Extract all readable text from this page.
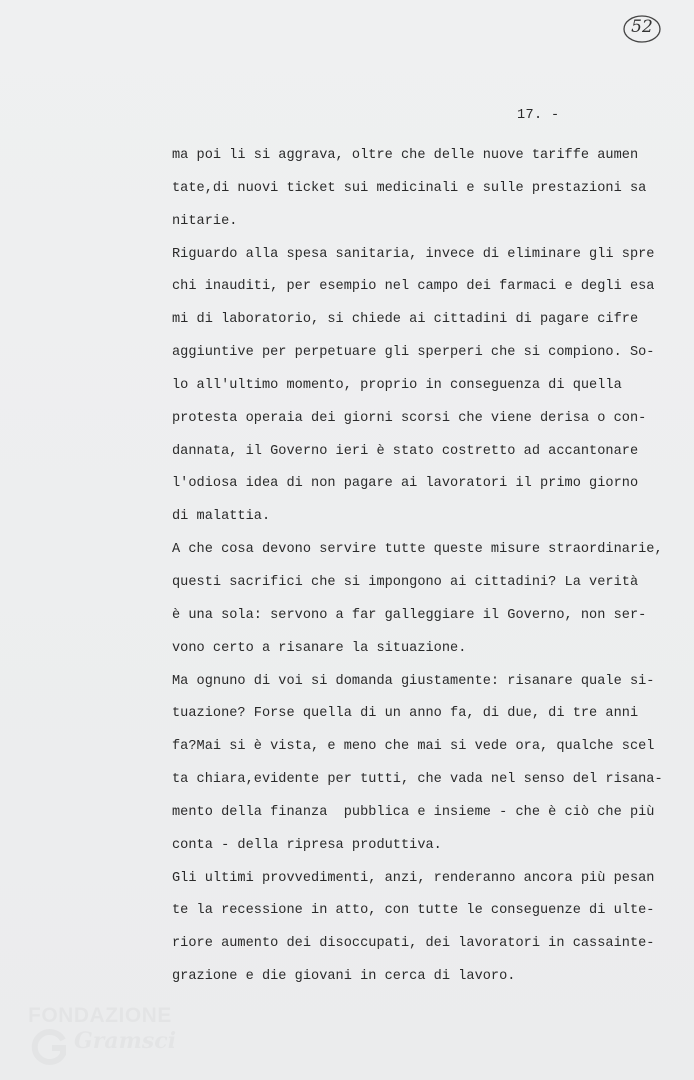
52
17. -
ma poi li si aggrava, oltre che delle nuove tariffe aumen
tate,di nuovi ticket sui medicinali e sulle prestazioni sa
nitarie.
Riguardo alla spesa sanitaria, invece di eliminare gli spre
chi inauditi, per esempio nel campo dei farmaci e degli esa
mi di laboratorio, si chiede ai cittadini di pagare cifre
aggiuntive per perpetuare gli sperperi che si compiono. So-
lo all'ultimo momento, proprio in conseguenza di quella
protesta operaia dei giorni scorsi che viene derisa o con-
dannata, il Governo ieri è stato costretto ad accantonare
l'odiosa idea di non pagare ai lavoratori il primo giorno
di malattia.
A che cosa devono servire tutte queste misure straordinarie,
questi sacrifici che si impongono ai cittadini? La verità
è una sola: servono a far galleggiare il Governo, non ser-
vono certo a risanare la situazione.
Ma ognuno di voi si domanda giustamente: risanare quale si-
tuazione? Forse quella di un anno fa, di due, di tre anni
fa?Mai si è vista, e meno che mai si vede ora, qualche scel
ta chiara,evidente per tutti, che vada nel senso del risana-
mento della finanza  pubblica e insieme - che è ciò che più
conta - della ripresa produttiva.
Gli ultimi provvedimenti, anzi, renderanno ancora più pesan
te la recessione in atto, con tutte le conseguenze di ulte-
riore aumento dei disoccupati, dei lavoratori in cassainte-
grazione e die giovani in cerca di lavoro.
FONDAZIONE
Gramsci
